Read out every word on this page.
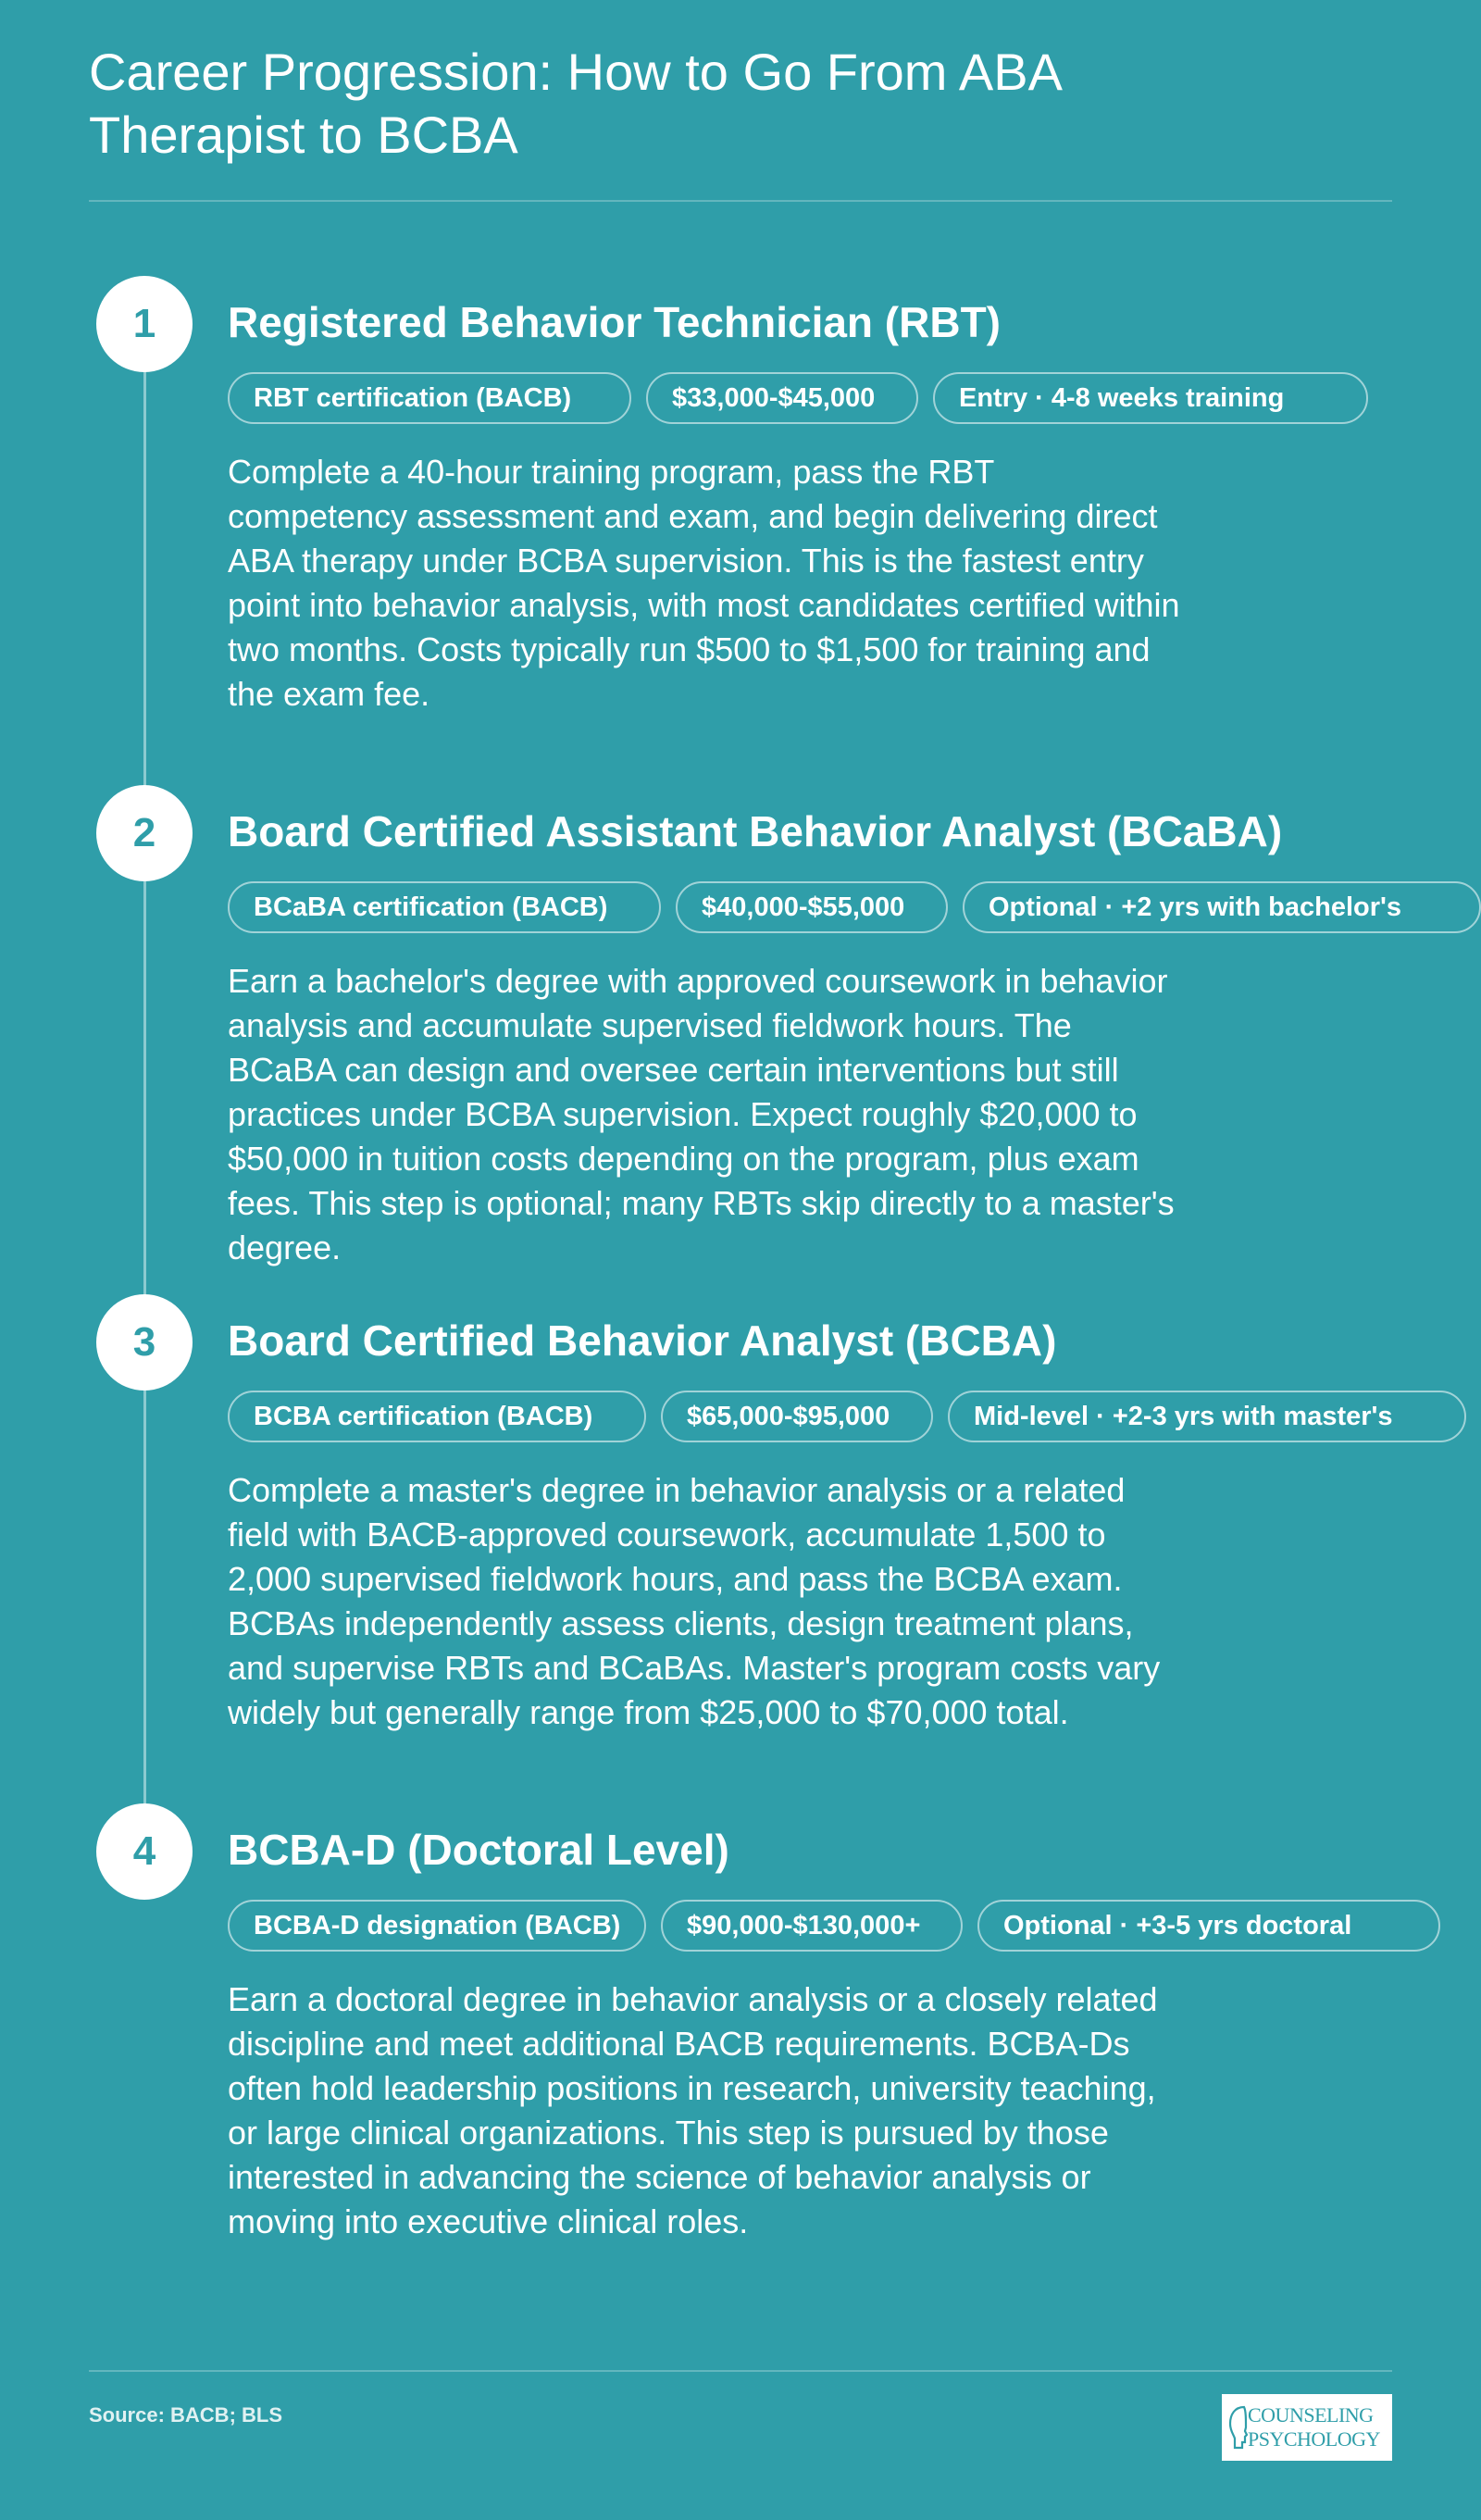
Career Progression: How to Go From ABA Therapist to BCBA
1	Registered Behavior Technician (RBT)
RBT certification (BACB)	$33,000-$45,000	Entry · 4-8 weeks training

Complete a 40-hour training program, pass the RBT competency assessment and exam, and begin delivering direct ABA therapy under BCBA supervision. This is the fastest entry point into behavior analysis, with most candidates certified within two months. Costs typically run $500 to $1,500 for training and the exam fee.

2	Board Certified Assistant Behavior Analyst (BCaBA)
BCaBA certification (BACB)	$40,000-$55,000	Optional · +2 yrs with bachelor's

Earn a bachelor's degree with approved coursework in behavior analysis and accumulate supervised fieldwork hours. The BCaBA can design and oversee certain interventions but still practices under BCBA supervision. Expect roughly $20,000 to $50,000 in tuition costs depending on the program, plus exam fees. This step is optional; many RBTs skip directly to a master's degree.

3	Board Certified Behavior Analyst (BCBA)
BCBA certification (BACB)	$65,000-$95,000	Mid-level · +2-3 yrs with master's

Complete a master's degree in behavior analysis or a related field with BACB-approved coursework, accumulate 1,500 to 2,000 supervised fieldwork hours, and pass the BCBA exam. BCBAs independently assess clients, design treatment plans, and supervise RBTs and BCaBAs. Master's program costs vary widely but generally range from $25,000 to $70,000 total.

4	BCBA-D (Doctoral Level)
BCBA-D designation (BACB)	$90,000-$130,000+	Optional · +3-5 yrs doctoral

Earn a doctoral degree in behavior analysis or a closely related discipline and meet additional BACB requirements. BCBA-Ds often hold leadership positions in research, university teaching, or large clinical organizations. This step is pursued by those interested in advancing the science of behavior analysis or moving into executive clinical roles.

Source: BACB; BLS	COUNSELING
PSYCHOLOGY
